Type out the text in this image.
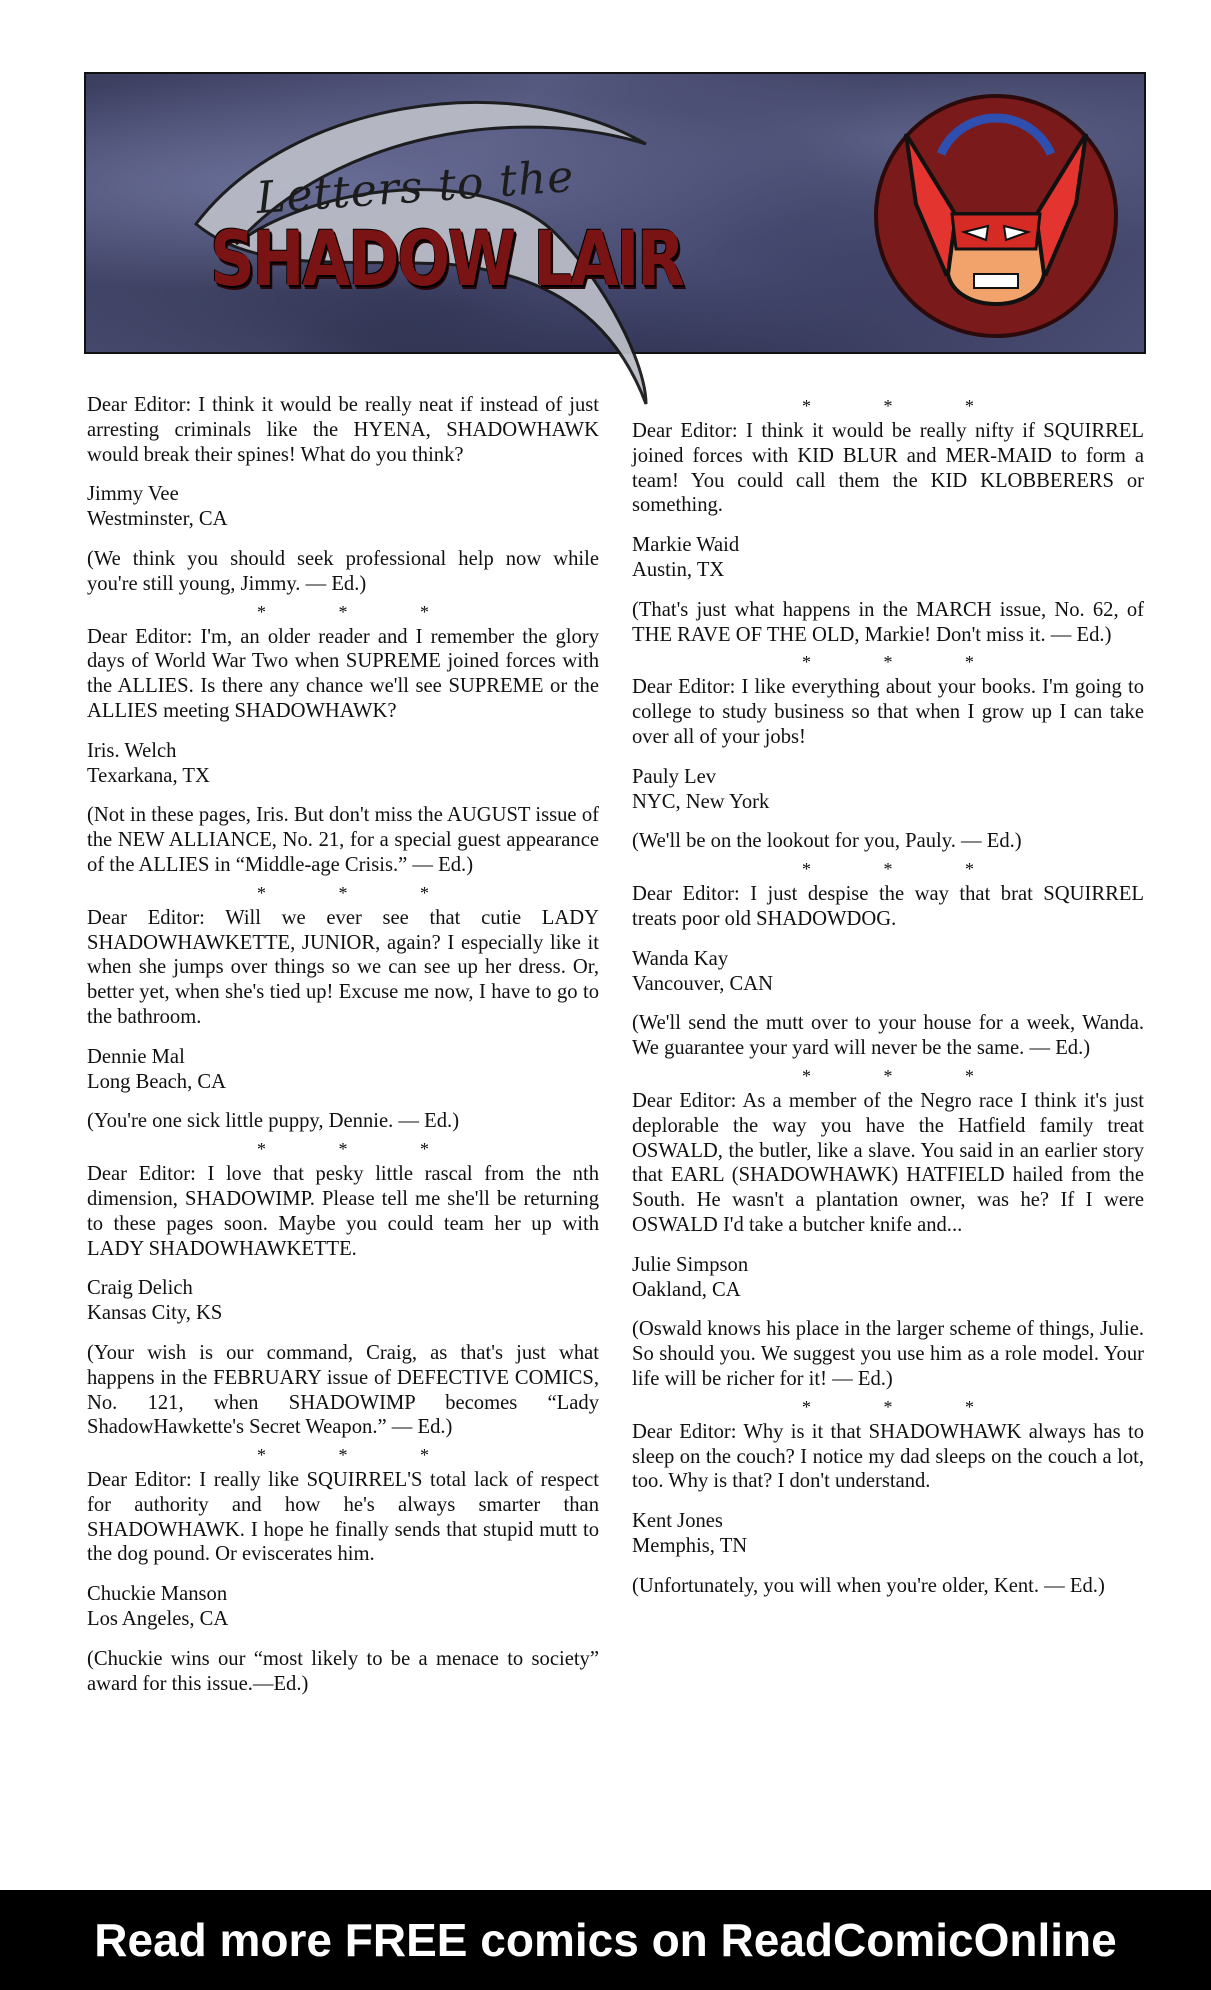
Letters to the
SHADOW LAIR

Dear Editor: I think it would be really neat if instead of just arresting criminals like the HYENA, SHADOWHAWK would break their spines! What do you think?

Jimmy Vee
Westminster, CA

(We think you should seek professional help now while you're still young, Jimmy. — Ed.)

* * *

Dear Editor: I'm, an older reader and I remember the glory days of World War Two when SUPREME joined forces with the ALLIES. Is there any chance we'll see SUPREME or the ALLIES meeting SHADOWHAWK?

Iris. Welch
Texarkana, TX

(Not in these pages, Iris. But don't miss the AUGUST issue of the NEW ALLIANCE, No. 21, for a special guest appearance of the ALLIES in “Middle-age Crisis.” — Ed.)

* * *

Dear Editor: Will we ever see that cutie LADY SHADOWHAWKETTE, JUNIOR, again? I especially like it when she jumps over things so we can see up her dress. Or, better yet, when she's tied up! Excuse me now, I have to go to the bathroom.

Dennie Mal
Long Beach, CA

(You're one sick little puppy, Dennie. — Ed.)

* * *

Dear Editor: I love that pesky little rascal from the nth dimension, SHADOWIMP. Please tell me she'll be returning to these pages soon. Maybe you could team her up with LADY SHADOWHAWKETTE.

Craig Delich
Kansas City, KS

(Your wish is our command, Craig, as that's just what happens in the FEBRUARY issue of DEFECTIVE COMICS, No. 121, when SHADOWIMP becomes “Lady ShadowHawkette's Secret Weapon.” — Ed.)

* * *

Dear Editor: I really like SQUIRREL'S total lack of respect for authority and how he's always smarter than SHADOWHAWK. I hope he finally sends that stupid mutt to the dog pound. Or eviscerates him.

Chuckie Manson
Los Angeles, CA

(Chuckie wins our “most likely to be a menace to society” award for this issue.—Ed.)

* * *

Dear Editor: I think it would be really nifty if SQUIRREL joined forces with KID BLUR and MER-MAID to form a team! You could call them the KID KLOBBERERS or something.

Markie Waid
Austin, TX

(That's just what happens in the MARCH issue, No. 62, of THE RAVE OF THE OLD, Markie! Don't miss it. — Ed.)

* * *

Dear Editor: I like everything about your books. I'm going to college to study business so that when I grow up I can take over all of your jobs!

Pauly Lev
NYC, New York

(We'll be on the lookout for you, Pauly. — Ed.)

* * *

Dear Editor: I just despise the way that brat SQUIRREL treats poor old SHADOWDOG.

Wanda Kay
Vancouver, CAN

(We'll send the mutt over to your house for a week, Wanda. We guarantee your yard will never be the same. — Ed.)

* * *

Dear Editor: As a member of the Negro race I think it's just deplorable the way you have the Hatfield family treat OSWALD, the butler, like a slave. You said in an earlier story that EARL (SHADOWHAWK) HATFIELD hailed from the South. He wasn't a plantation owner, was he? If I were OSWALD I'd take a butcher knife and...

Julie Simpson
Oakland, CA

(Oswald knows his place in the larger scheme of things, Julie. So should you. We suggest you use him as a role model. Your life will be richer for it! — Ed.)

* * *

Dear Editor: Why is it that SHADOWHAWK always has to sleep on the couch? I notice my dad sleeps on the couch a lot, too. Why is that? I don't understand.

Kent Jones
Memphis, TN

(Unfortunately, you will when you're older, Kent. — Ed.)

Read more FREE comics on ReadComicOnline
